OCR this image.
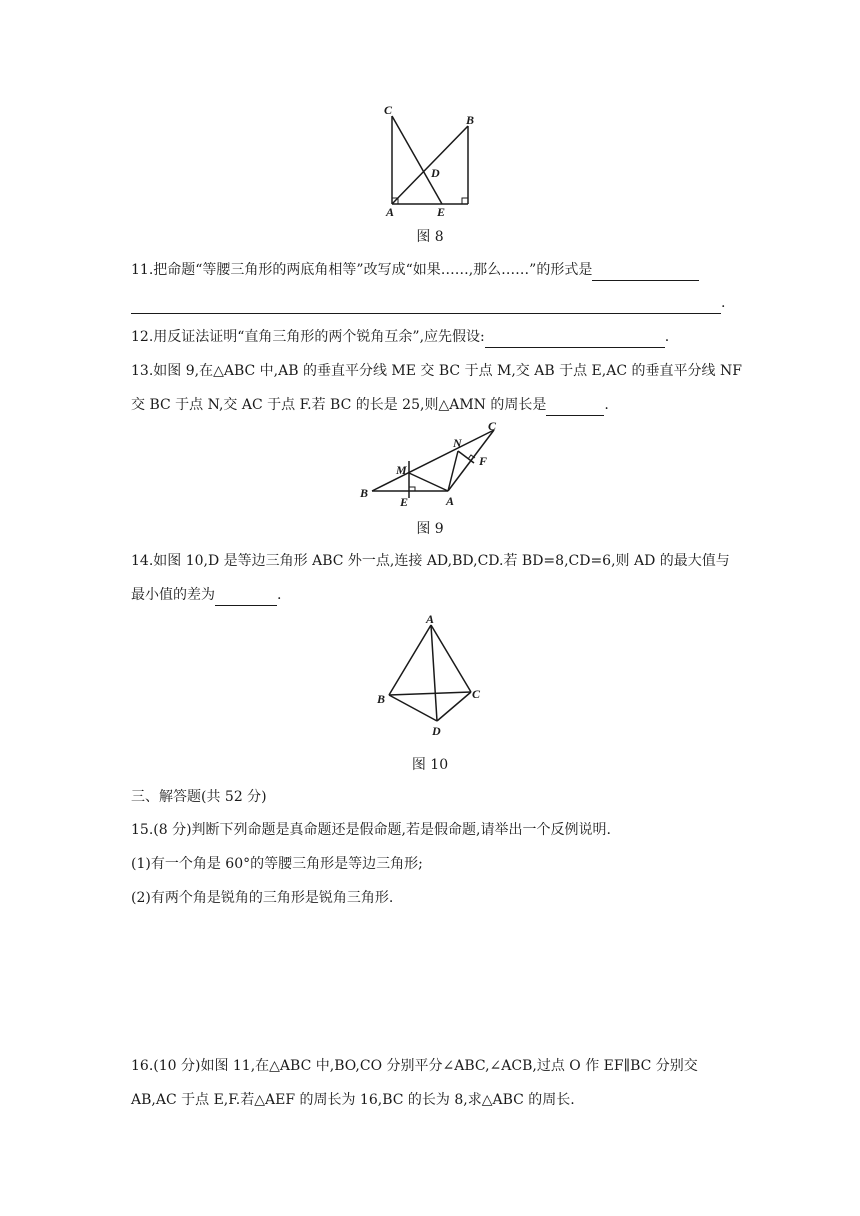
C
B
D
A	E
图 8
11.把命题“等腰三角形的两底角相等”改写成“如果……,那么……”的形式是
.
12.用反证法证明“直角三角形的两个锐角互余”,应先假设:	.
13.如图 9,在△ABC 中,AB 的垂直平分线 ME 交 BC 于点 M,交 AB 于点 E,AC 的垂直平分线 NF
交 BC 于点 N,交 AC 于点 F.若 BC 的长是 25,则△AMN 的周长是	.
N
C
F
M
B
E	A
图 9
14.如图 10,D 是等边三角形 ABC 外一点,连接 AD,BD,CD.若 BD=8,CD=6,则 AD 的最大值与
最小值的差为	.
A
B	C
D
图 10
三、解答题(共 52 分)
15.(8 分)判断下列命题是真命题还是假命题,若是假命题,请举出一个反例说明.
(1)有一个角是 60°的等腰三角形是等边三角形;
(2)有两个角是锐角的三角形是锐角三角形.
16.(10 分)如图 11,在△ABC 中,BO,CO 分别平分∠ABC,∠ACB,过点 O 作 EF∥BC 分别交
AB,AC 于点 E,F.若△AEF 的周长为 16,BC 的长为 8,求△ABC 的周长.
